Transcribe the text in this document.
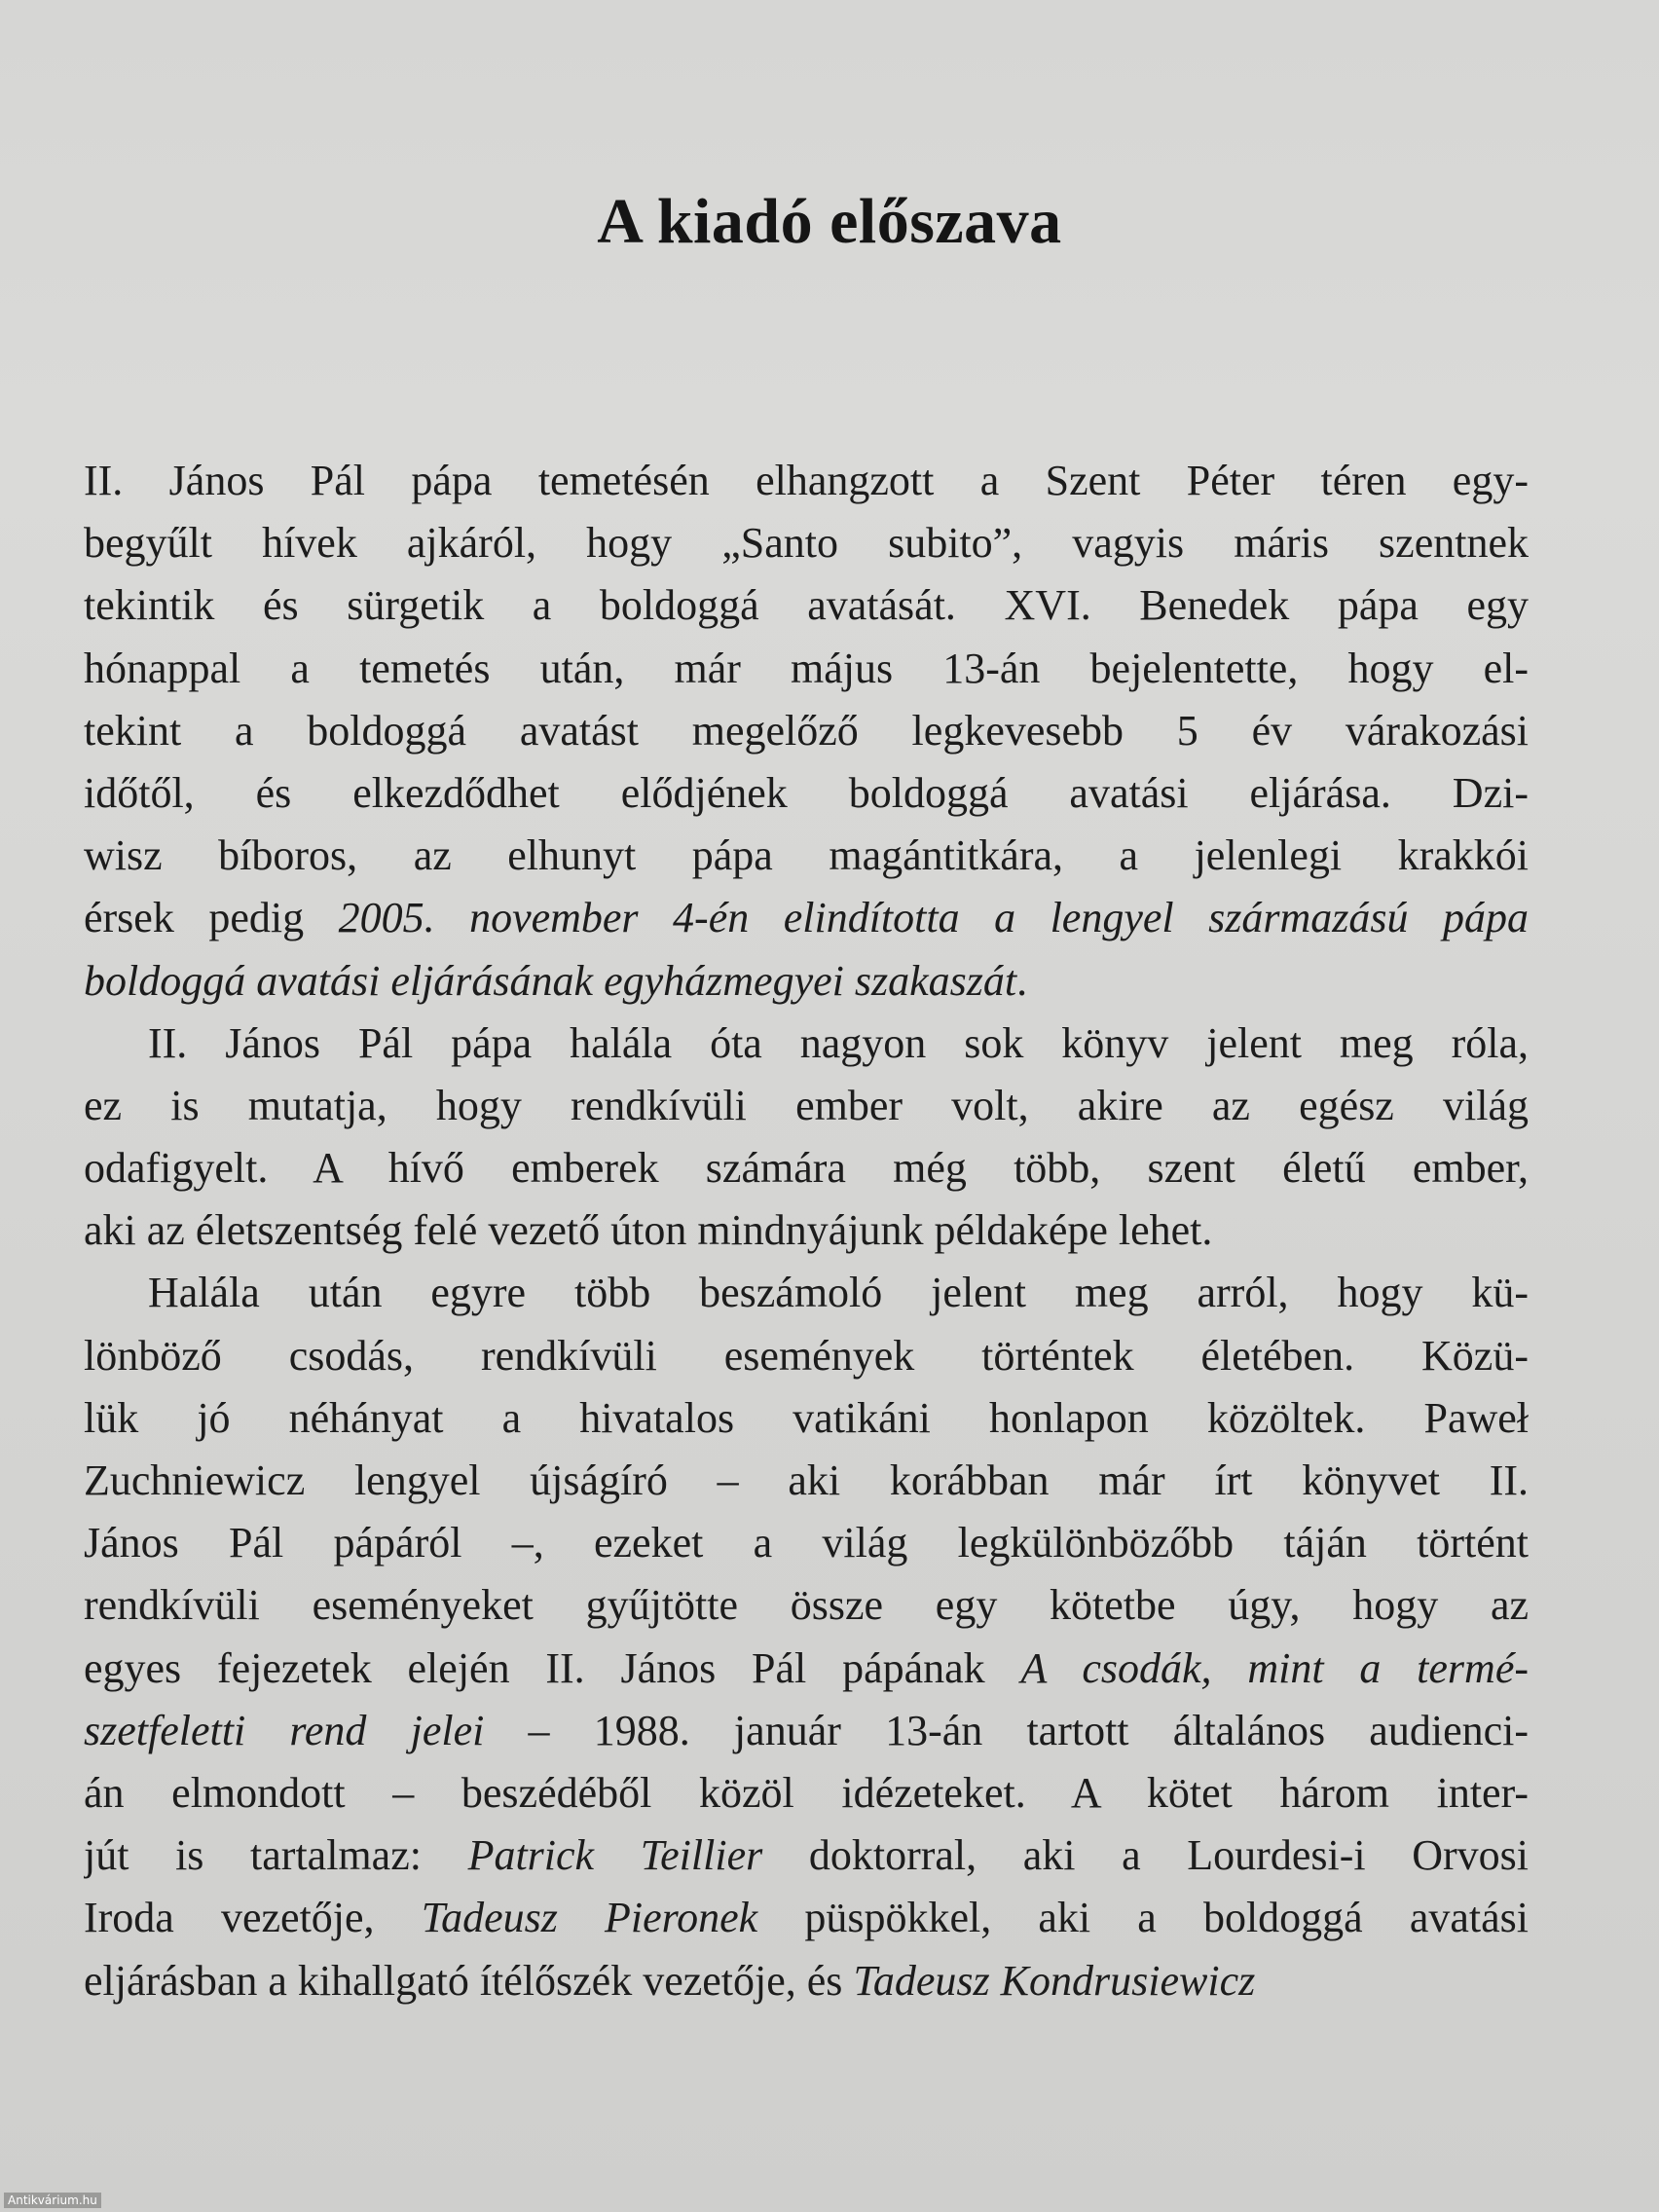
A kiadó előszava
II. János Pál pápa temetésén elhangzott a Szent Péter téren egy-
begyűlt hívek ajkáról, hogy „Santo subito”, vagyis máris szentnek
tekintik és sürgetik a boldoggá avatását. XVI. Benedek pápa egy
hónappal a temetés után, már május 13-án bejelentette, hogy el-
tekint a boldoggá avatást megelőző legkevesebb 5 év várakozási
időtől, és elkezdődhet elődjének boldoggá avatási eljárása. Dzi-
wisz bíboros, az elhunyt pápa magántitkára, a jelenlegi krakkói
érsek pedig 2005. november 4-én elindította a lengyel származású pápa
boldoggá avatási eljárásának egyházmegyei szakaszát.
II. János Pál pápa halála óta nagyon sok könyv jelent meg róla,
ez is mutatja, hogy rendkívüli ember volt, akire az egész világ
odafigyelt. A hívő emberek számára még több, szent életű ember,
aki az életszentség felé vezető úton mindnyájunk példaképe lehet.
Halála után egyre több beszámoló jelent meg arról, hogy kü-
lönböző csodás, rendkívüli események történtek életében. Közü-
lük jó néhányat a hivatalos vatikáni honlapon közöltek. Paweł
Zuchniewicz lengyel újságíró – aki korábban már írt könyvet II.
János Pál pápáról –, ezeket a világ legkülönbözőbb táján történt
rendkívüli eseményeket gyűjtötte össze egy kötetbe úgy, hogy az
egyes fejezetek elején II. János Pál pápának A csodák, mint a termé-
szetfeletti rend jelei – 1988. január 13-án tartott általános audienci-
án elmondott – beszédéből közöl idézeteket. A kötet három inter-
jút is tartalmaz: Patrick Teillier doktorral, aki a Lourdesi-i Orvosi
Iroda vezetője, Tadeusz Pieronek püspökkel, aki a boldoggá avatási
eljárásban a kihallgató ítélőszék vezetője, és Tadeusz Kondrusiewicz
Antikvárium.hu
